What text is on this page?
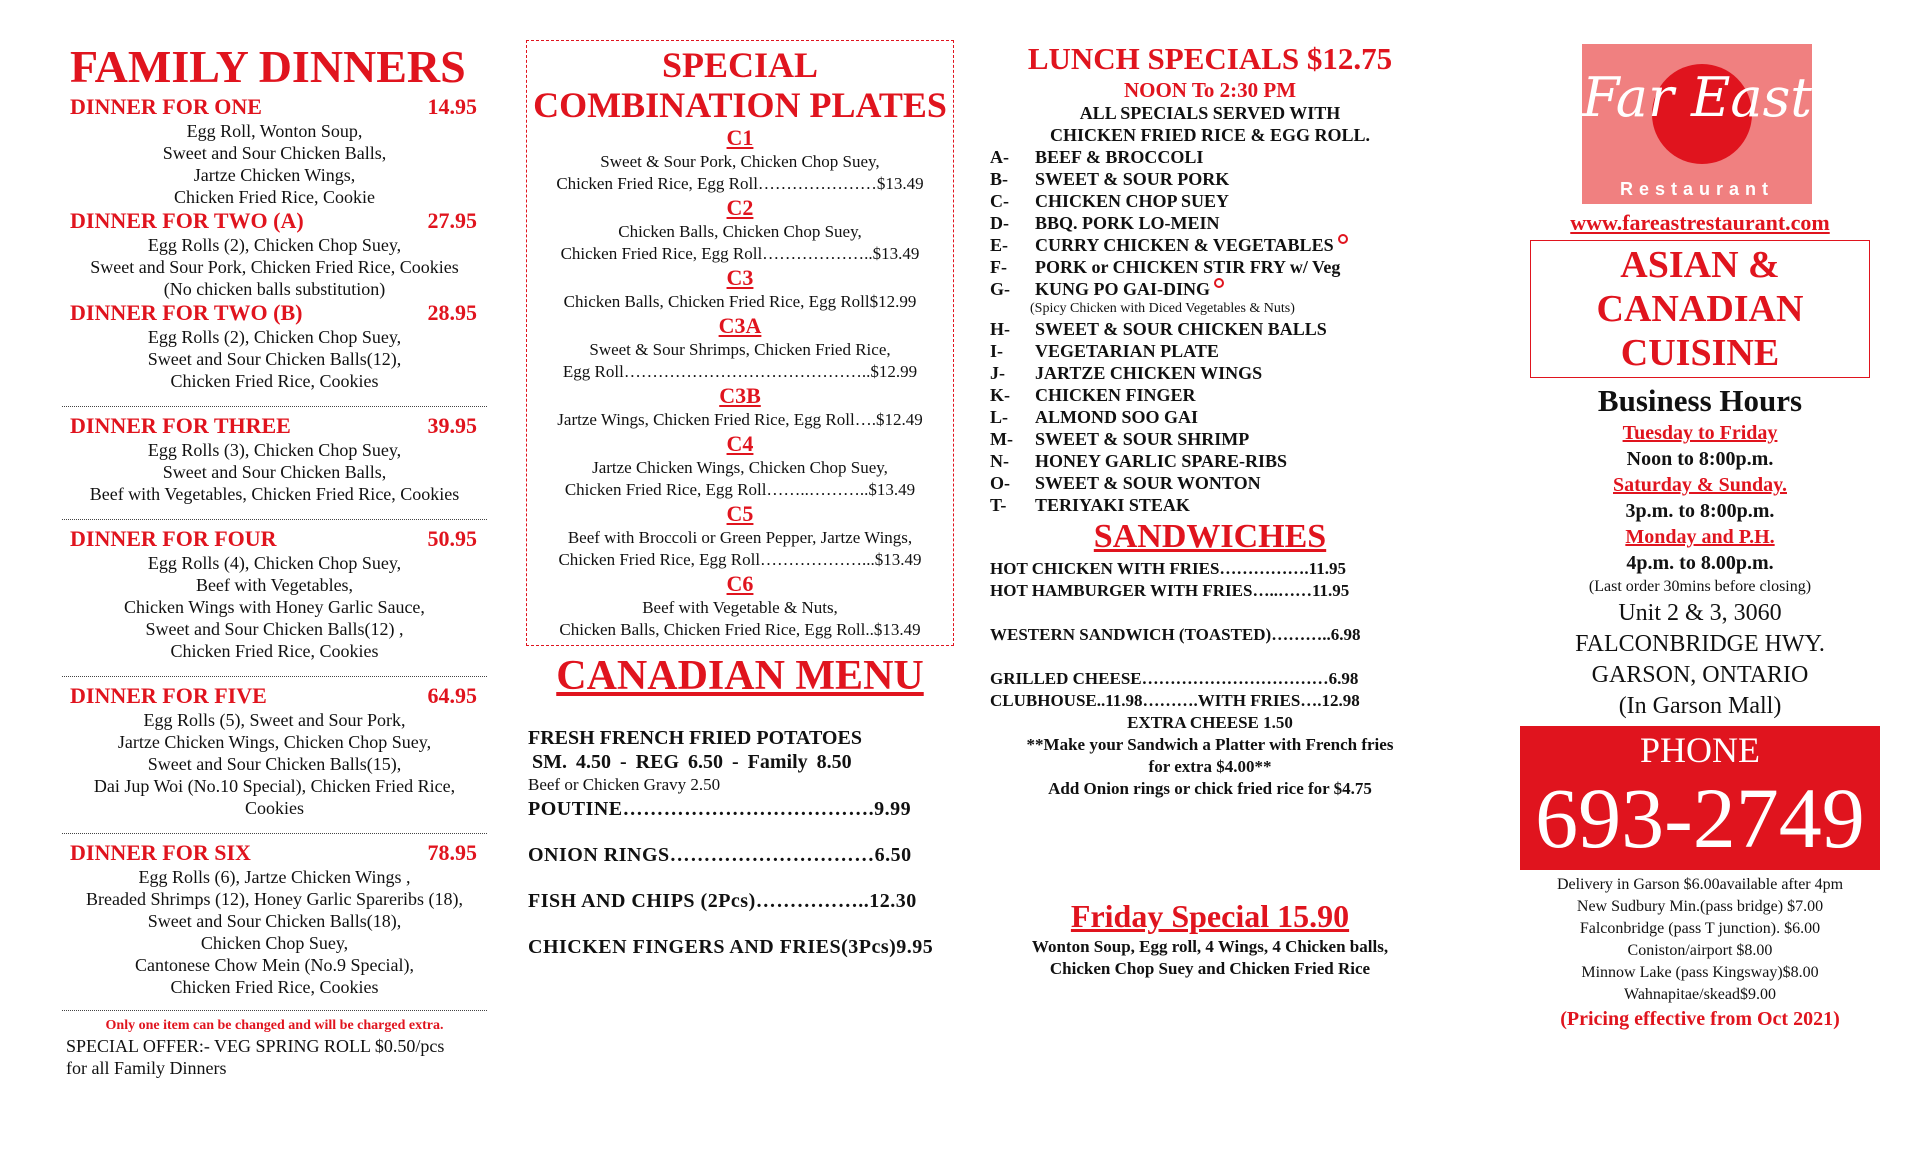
FAMILY DINNERS
DINNER FOR ONE	14.95
Egg Roll, Wonton Soup,
Sweet and Sour Chicken Balls,
Jartze Chicken Wings,
Chicken Fried Rice, Cookie
DINNER FOR TWO (A)	27.95
Egg Rolls (2), Chicken Chop Suey,
Sweet and Sour Pork, Chicken Fried Rice, Cookies
(No chicken balls substitution)
DINNER FOR TWO (B)	28.95
Egg Rolls (2), Chicken Chop Suey,
Sweet and Sour Chicken Balls(12),
Chicken Fried Rice, Cookies
DINNER FOR THREE	39.95
Egg Rolls (3), Chicken Chop Suey,
Sweet and Sour Chicken Balls,
Beef with Vegetables, Chicken Fried Rice, Cookies
DINNER FOR FOUR	50.95
Egg Rolls (4), Chicken Chop Suey,
Beef with Vegetables,
Chicken Wings with Honey Garlic Sauce,
Sweet and Sour Chicken Balls(12) ,
Chicken Fried Rice, Cookies
DINNER FOR FIVE	64.95
Egg Rolls (5), Sweet and Sour Pork,
Jartze Chicken Wings, Chicken Chop Suey,
Sweet and Sour Chicken Balls(15),
Dai Jup Woi (No.10 Special), Chicken Fried Rice,
Cookies
DINNER FOR SIX	78.95
Egg Rolls (6), Jartze Chicken Wings ,
Breaded Shrimps (12), Honey Garlic Spareribs (18),
Sweet and Sour Chicken Balls(18),
Chicken Chop Suey,
Cantonese Chow Mein (No.9 Special),
Chicken Fried Rice, Cookies
Only one item can be changed and will be charged extra.
SPECIAL OFFER:- VEG SPRING ROLL $0.50/pcs
for all Family Dinners
SPECIAL
COMBINATION PLATES
C1
Sweet & Sour Pork, Chicken Chop Suey,
Chicken Fried Rice, Egg Roll…………………$13.49
C2
Chicken Balls, Chicken Chop Suey,
Chicken Fried Rice, Egg Roll………………..$13.49
C3
Chicken Balls, Chicken Fried Rice, Egg Roll$12.99
C3A
Sweet & Sour Shrimps, Chicken Fried Rice,
Egg Roll……………………………………..$12.99
C3B
Jartze Wings, Chicken Fried Rice, Egg Roll….$12.49
C4
Jartze Chicken Wings, Chicken Chop Suey,
Chicken Fried Rice, Egg Roll……..………..$13.49
C5
Beef with Broccoli or Green Pepper, Jartze Wings,
Chicken Fried Rice, Egg Roll………………...$13.49
C6
Beef with Vegetable & Nuts,
Chicken Balls, Chicken Fried Rice, Egg Roll..$13.49
CANADIAN MENU
FRESH FRENCH FRIED POTATOES
SM. 4.50 - REG 6.50 - Family 8.50
Beef or Chicken Gravy 2.50
POUTINE……………………………….9.99
ONION RINGS…………………………6.50
FISH AND CHIPS (2Pcs)……………..12.30
CHICKEN FINGERS AND FRIES(3Pcs)9.95
LUNCH SPECIALS $12.75
NOON To 2:30 PM
ALL SPECIALS SERVED WITH
CHICKEN FRIED RICE & EGG ROLL.
A-	BEEF & BROCCOLI
B-	SWEET & SOUR PORK
C-	CHICKEN CHOP SUEY
D-	BBQ. PORK LO-MEIN
E-	CURRY CHICKEN & VEGETABLES
F-	PORK or CHICKEN STIR FRY w/ Veg
G-	KUNG PO GAI-DING
(Spicy Chicken with Diced Vegetables & Nuts)
H-	SWEET & SOUR CHICKEN BALLS
I-	VEGETARIAN PLATE
J-	JARTZE CHICKEN WINGS
K-	CHICKEN FINGER
L-	ALMOND SOO GAI
M-	SWEET & SOUR SHRIMP
N-	HONEY GARLIC SPARE-RIBS
O-	SWEET & SOUR WONTON
T-	TERIYAKI STEAK
SANDWICHES
HOT CHICKEN WITH FRIES…………….11.95
HOT HAMBURGER WITH FRIES…..……11.95
WESTERN SANDWICH (TOASTED)………..6.98
GRILLED CHEESE……………………………6.98
CLUBHOUSE..11.98……….WITH FRIES….12.98
EXTRA CHEESE 1.50
**Make your Sandwich a Platter with French fries
for extra $4.00**
Add Onion rings or chick fried rice for $4.75
Friday Special 15.90
Wonton Soup, Egg roll, 4 Wings, 4 Chicken balls,
Chicken Chop Suey and Chicken Fried Rice
Far East
Restaurant
www.fareastrestaurant.com
ASIAN &
CANADIAN
CUISINE
Business Hours
Tuesday to Friday
Noon to 8:00p.m.
Saturday & Sunday.
3p.m. to 8:00p.m.
Monday and P.H.
4p.m. to 8.00p.m.
(Last order 30mins before closing)
Unit 2 & 3, 3060
FALCONBRIDGE HWY.
GARSON, ONTARIO
(In Garson Mall)
PHONE
693-2749
Delivery in Garson $6.00available after 4pm
New Sudbury Min.(pass bridge) $7.00
Falconbridge (pass T junction). $6.00
Coniston/airport $8.00
Minnow Lake (pass Kingsway)$8.00
Wahnapitae/skead$9.00
(Pricing effective from Oct 2021)
